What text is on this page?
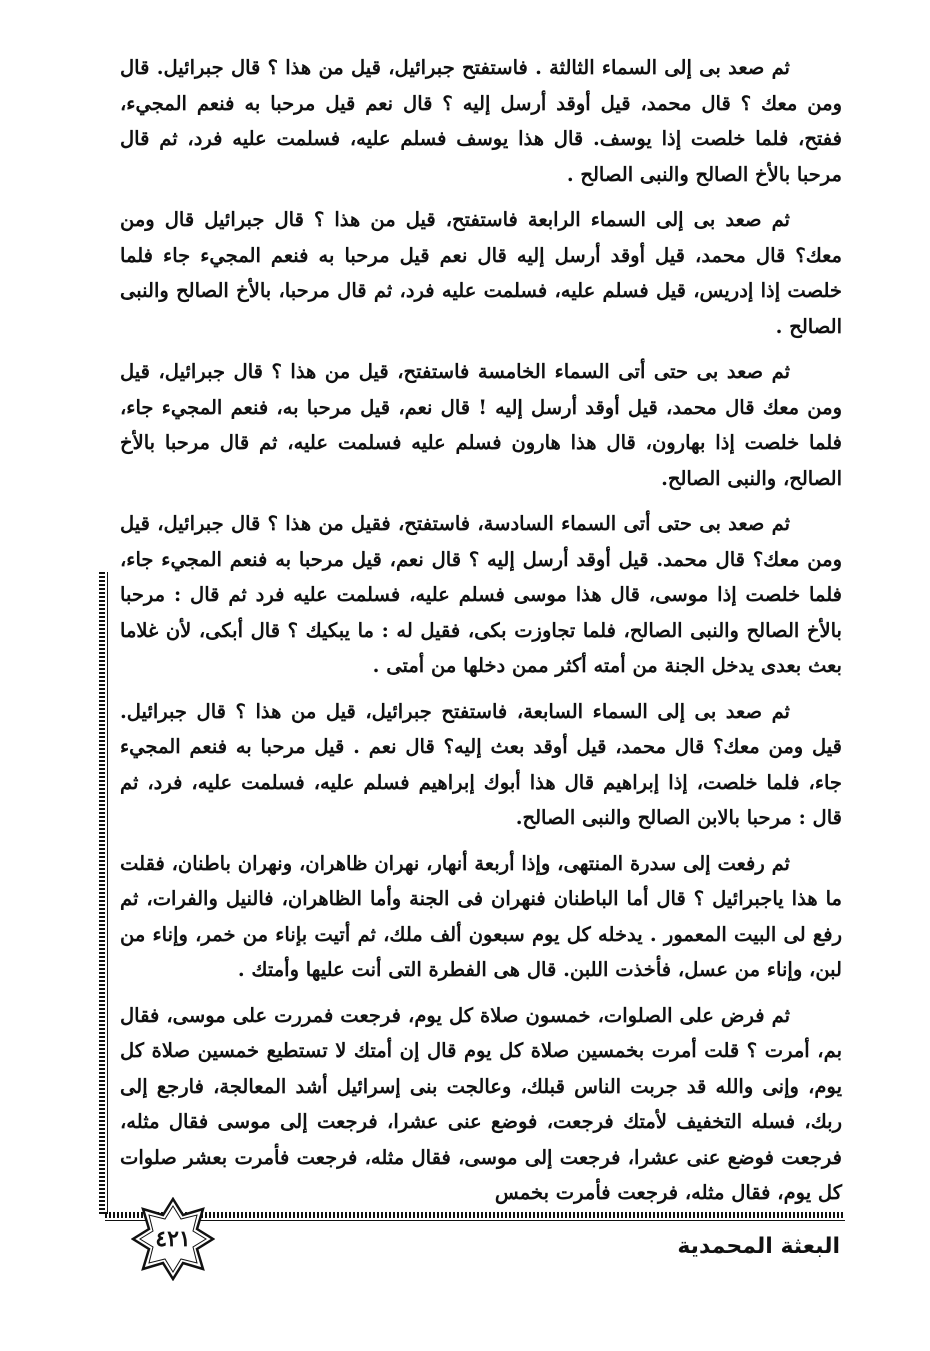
ثم صعد بى إلى السماء الثالثة . فاستفتح جبرائيل، قيل من هذا ؟ قال جبرائيل. قال ومن معك ؟ قال محمد، قيل أوقد أرسل إليه ؟ قال نعم قيل مرحبا به فنعم المجيء، ففتح، فلما خلصت إذا يوسف. قال هذا يوسف فسلم عليه، فسلمت عليه فرد، ثم قال مرحبا بالأخ الصالح والنبى الصالح .

ثم صعد بى إلى السماء الرابعة فاستفتح، قيل من هذا ؟ قال جبرائيل قال ومن معك؟ قال محمد، قيل أوقد أرسل إليه قال نعم قيل مرحبا به فنعم المجيء جاء فلما خلصت إذا إدريس، قيل فسلم عليه، فسلمت عليه فرد، ثم قال مرحبا، بالأخ الصالح والنبى الصالح .

ثم صعد بى حتى أتى السماء الخامسة فاستفتح، قيل من هذا ؟ قال جبرائيل، قيل ومن معك قال محمد، قيل أوقد أرسل إليه ! قال نعم، قيل مرحبا به، فنعم المجيء جاء، فلما خلصت إذا بهارون، قال هذا هارون فسلم عليه فسلمت عليه، ثم قال مرحبا بالأخ الصالح، والنبى الصالح.

ثم صعد بى حتى أتى السماء السادسة، فاستفتح، فقيل من هذا ؟ قال جبرائيل، قيل ومن معك؟ قال محمد. قيل أوقد أرسل إليه ؟ قال نعم، قيل مرحبا به فنعم المجيء جاء، فلما خلصت إذا موسى، قال هذا موسى فسلم عليه، فسلمت عليه فرد ثم قال : مرحبا بالأخ الصالح والنبى الصالح، فلما تجاوزت بكى، فقيل له : ما يبكيك ؟ قال أبكى، لأن غلاما بعث بعدى يدخل الجنة من أمته أكثر ممن دخلها من أمتى .

ثم صعد بى إلى السماء السابعة، فاستفتح جبرائيل، قيل من هذا ؟ قال جبرائيل. قيل ومن معك؟ قال محمد، قيل أوقد بعث إليه؟ قال نعم . قيل مرحبا به فنعم المجيء جاء، فلما خلصت، إذا إبراهيم قال هذا أبوك إبراهيم فسلم عليه، فسلمت عليه، فرد، ثم قال : مرحبا بالابن الصالح والنبى الصالح.

ثم رفعت إلى سدرة المنتهى، وإذا أربعة أنهار، نهران ظاهران، ونهران باطنان، فقلت ما هذا ياجبرائيل ؟ قال أما الباطنان فنهران فى الجنة وأما الظاهران، فالنيل والفرات، ثم رفع لى البيت المعمور . يدخله كل يوم سبعون ألف ملك، ثم أتيت بإناء من خمر، وإناء من لبن، وإناء من عسل، فأخذت اللبن. قال هى الفطرة التى أنت عليها وأمتك .

ثم فرض على الصلوات، خمسون صلاة كل يوم، فرجعت فمررت على موسى، فقال بم، أمرت ؟ قلت أمرت بخمسين صلاة كل يوم قال إن أمتك لا تستطيع خمسين صلاة كل يوم، وإنى والله قد جربت الناس قبلك، وعالجت بنى إسرائيل أشد المعالجة، فارجع إلى ربك، فسله التخفيف لأمتك فرجعت، فوضع عنى عشرا، فرجعت إلى موسى فقال مثله، فرجعت فوضع عنى عشرا، فرجعت إلى موسى، فقال مثله، فرجعت فأمرت بعشر صلوات كل يوم، فقال مثله، فرجعت فأمرت بخمس

٤٢١	البعثة المحمدية
